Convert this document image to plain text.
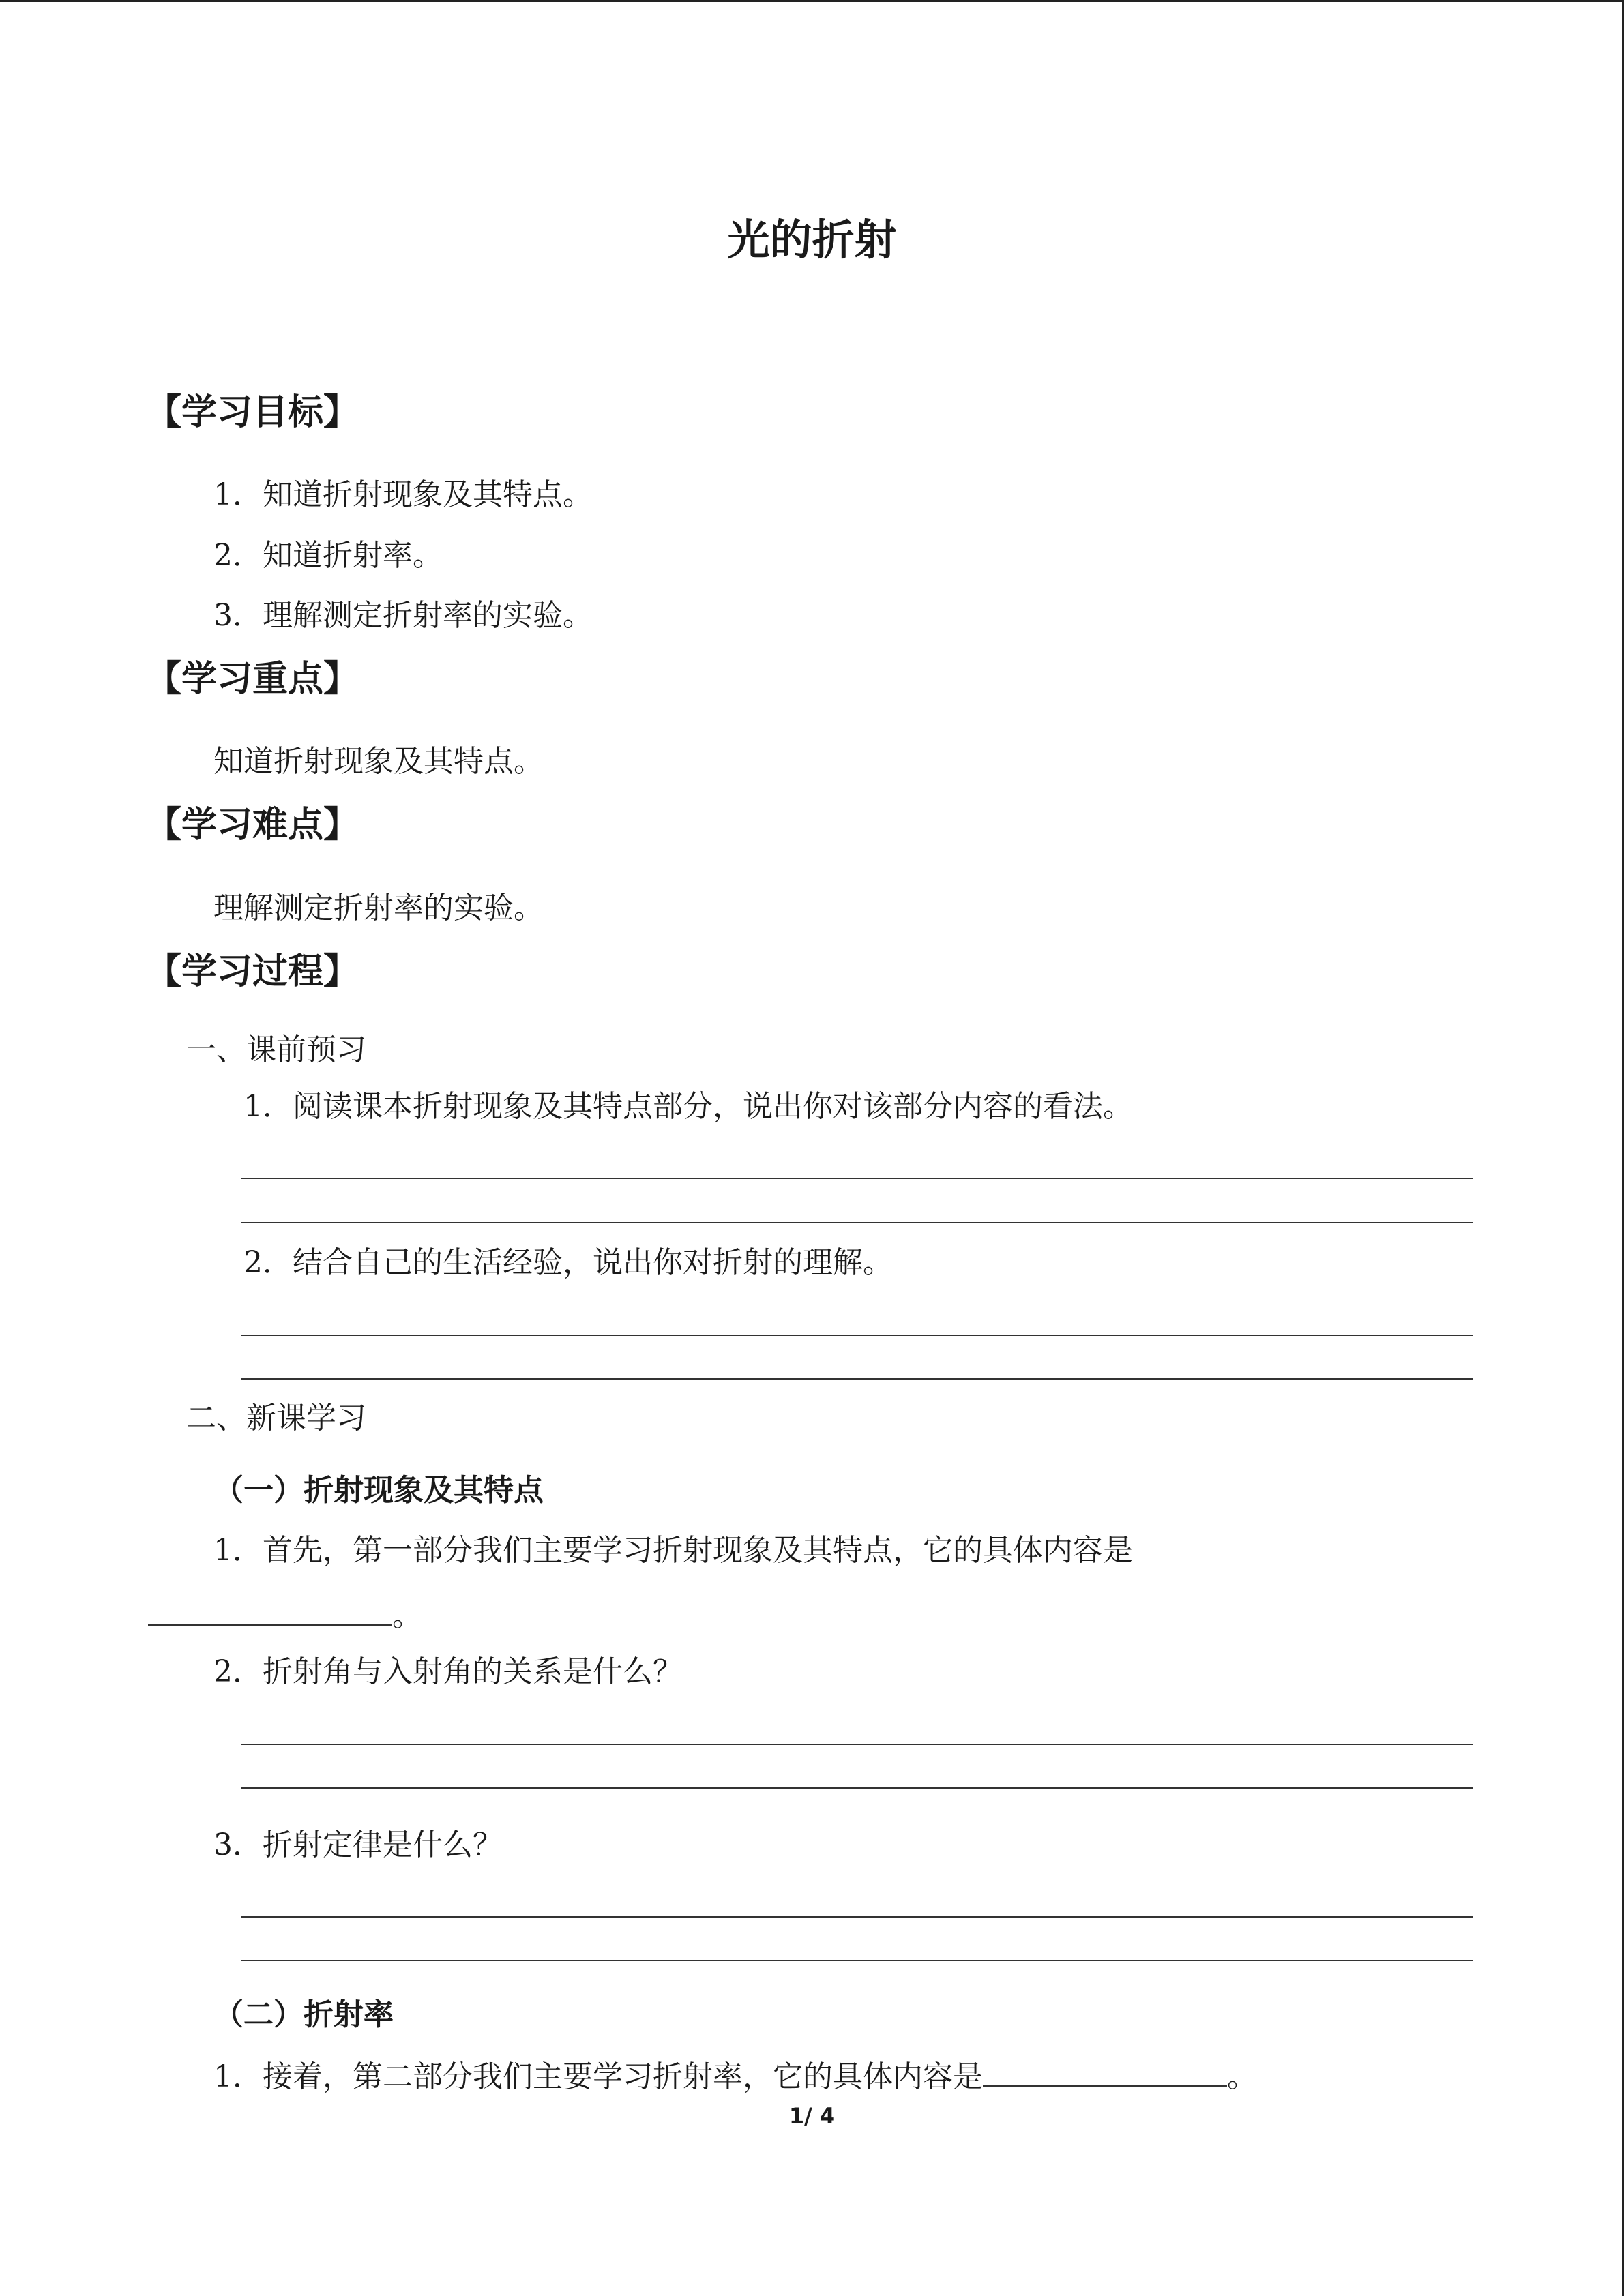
光的折射
【学习目标】
1．知道折射现象及其特点。
2．知道折射率。
3．理解测定折射率的实验。
【学习重点】
知道折射现象及其特点。
【学习难点】
理解测定折射率的实验。
【学习过程】
一、课前预习
1．阅读课本折射现象及其特点部分，说出你对该部分内容的看法。
2．结合自己的生活经验，说出你对折射的理解。
二、新课学习
（一）折射现象及其特点
1．首先，第一部分我们主要学习折射现象及其特点，它的具体内容是
。
2．折射角与入射角的关系是什么？
3．折射定律是什么？
（二）折射率
1．接着，第二部分我们主要学习折射率，它的具体内容是	。
1/ 4
